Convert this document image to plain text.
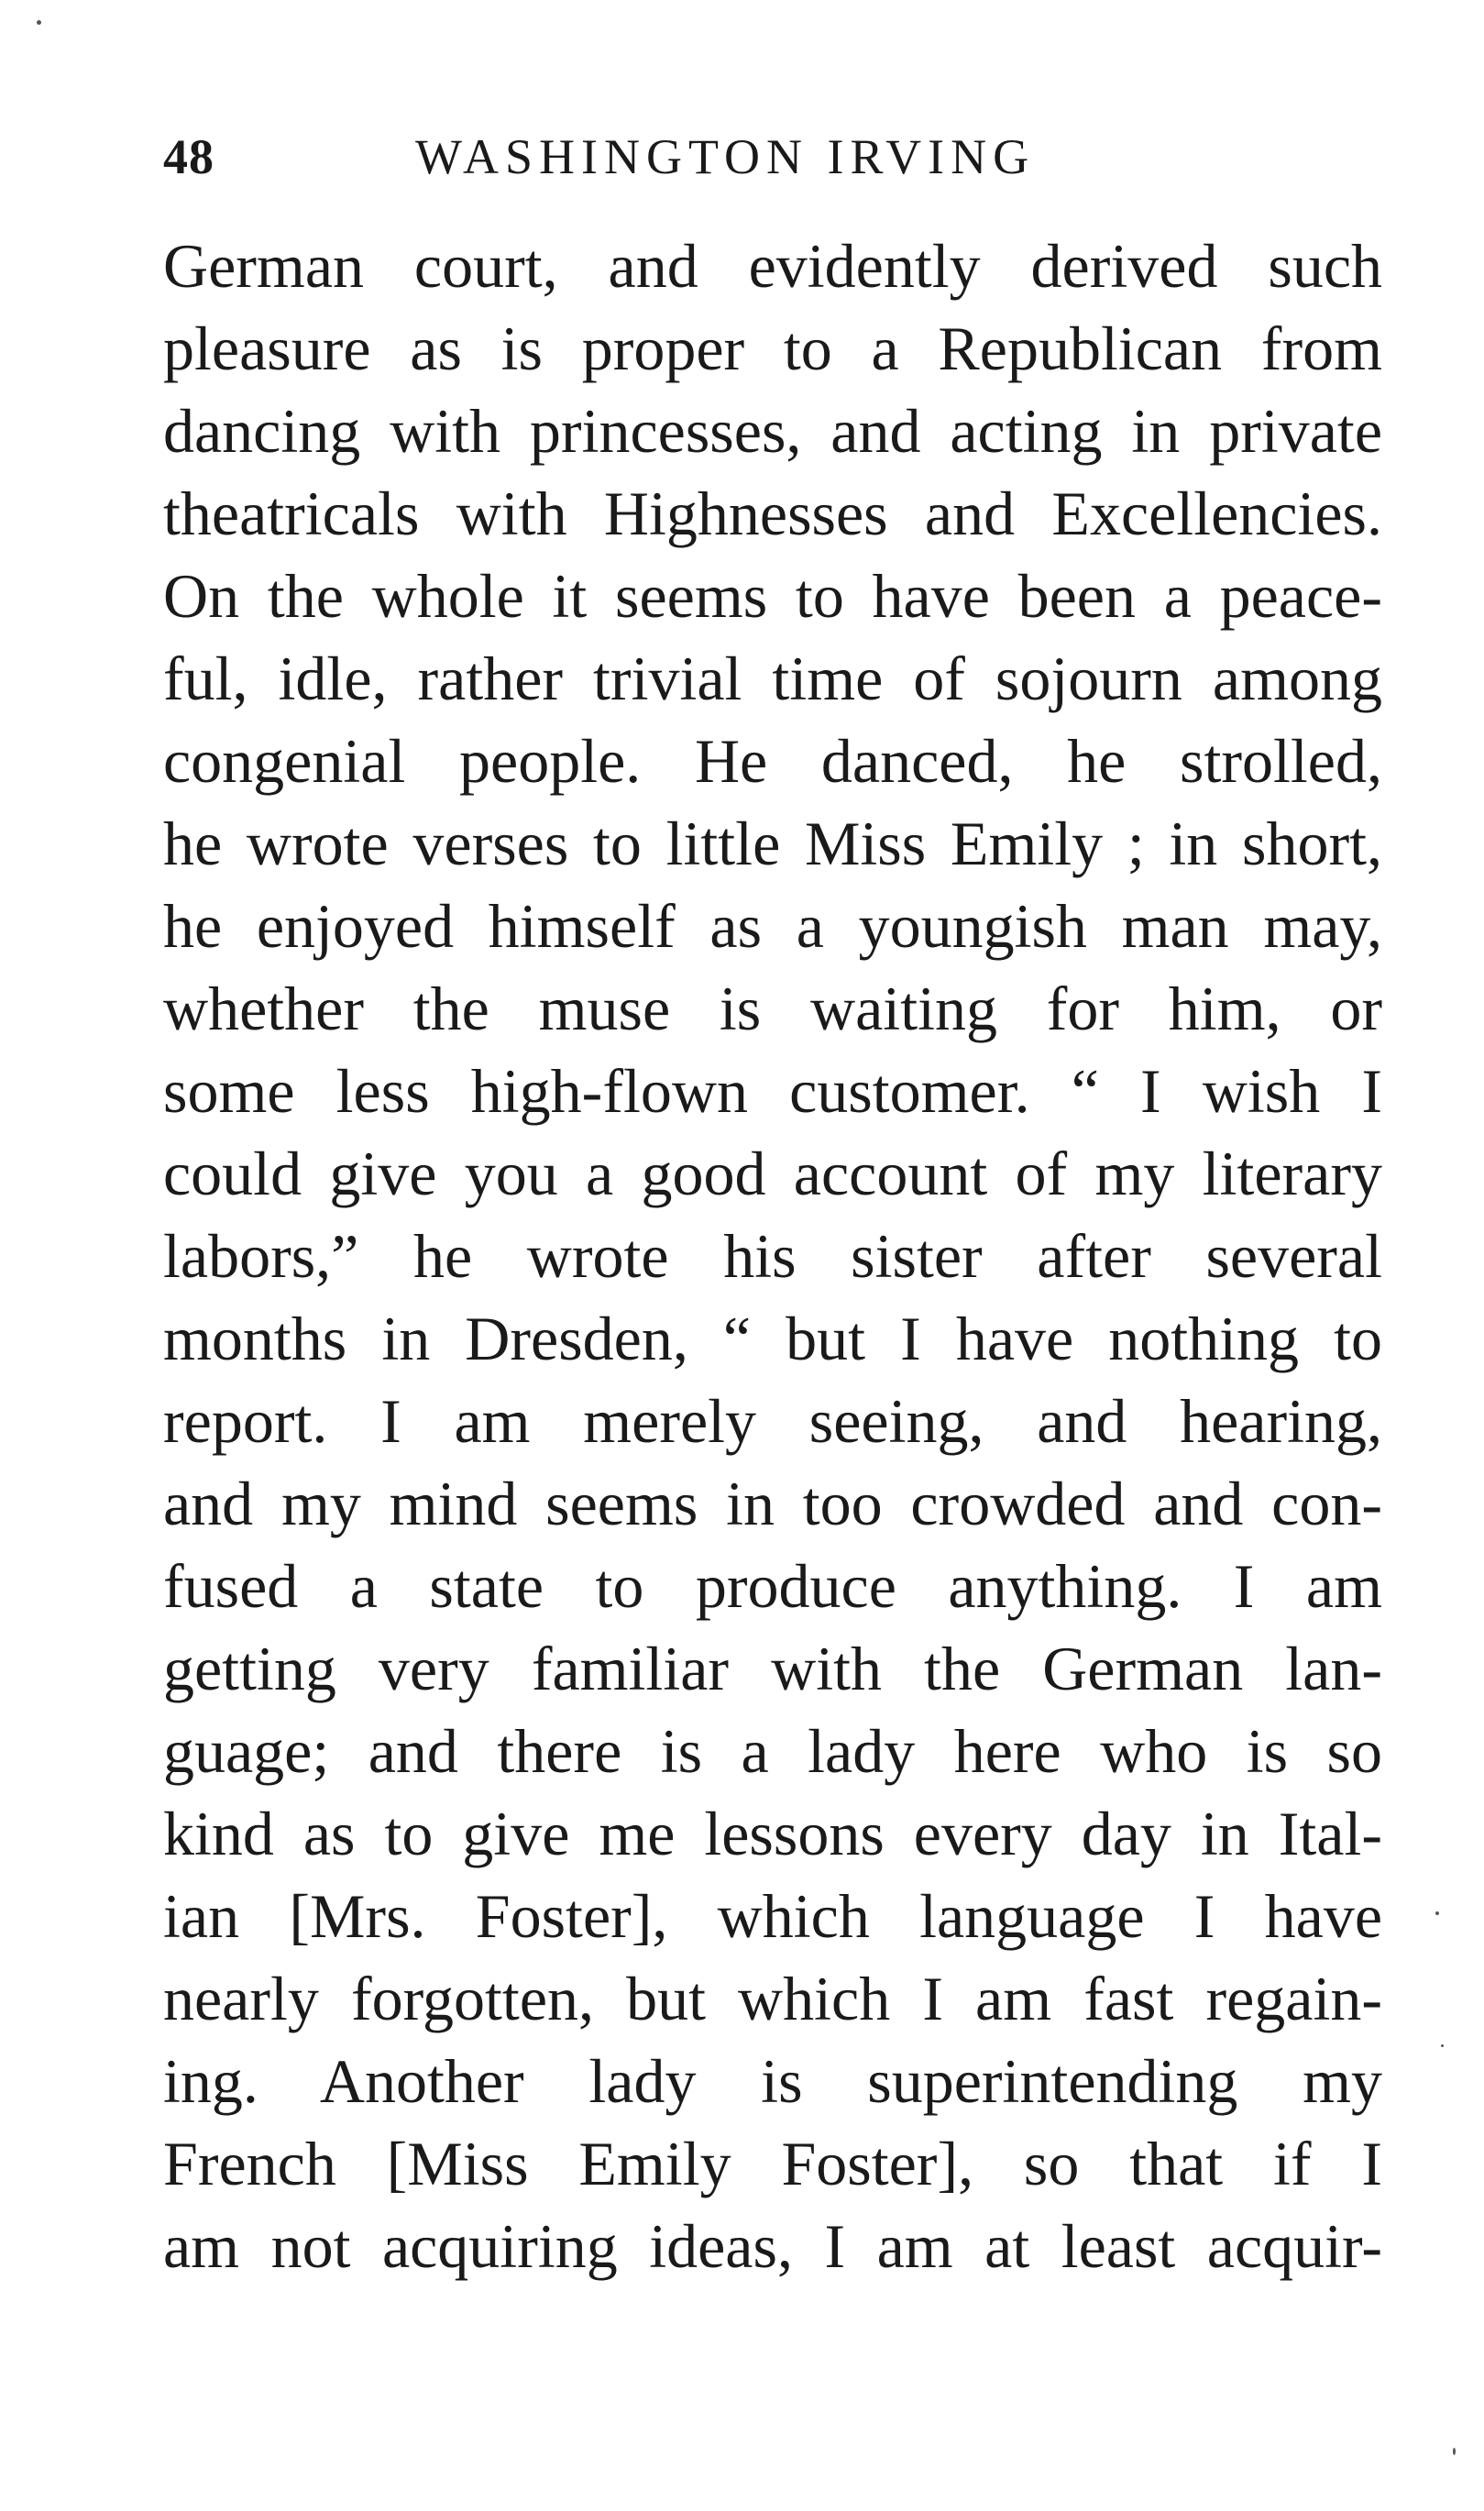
48	WASHINGTON IRVING
German court, and evidently derived such
pleasure as is proper to a Republican from
dancing with princesses, and acting in private
theatricals with Highnesses and Excellencies.
On the whole it seems to have been a peace-
ful, idle, rather trivial time of sojourn among
congenial people. He danced, he strolled,
he wrote verses to little Miss Emily ; in short,
he enjoyed himself as a youngish man may,
whether the muse is waiting for him, or
some less high-flown customer. “ I wish I
could give you a good account of my literary
labors,” he wrote his sister after several
months in Dresden, “ but I have nothing to
report. I am merely seeing, and hearing,
and my mind seems in too crowded and con-
fused a state to produce anything. I am
getting very familiar with the German lan-
guage; and there is a lady here who is so
kind as to give me lessons every day in Ital-
ian [Mrs. Foster], which language I have
nearly forgotten, but which I am fast regain-
ing. Another lady is superintending my
French [Miss Emily Foster], so that if I
am not acquiring ideas, I am at least acquir-
